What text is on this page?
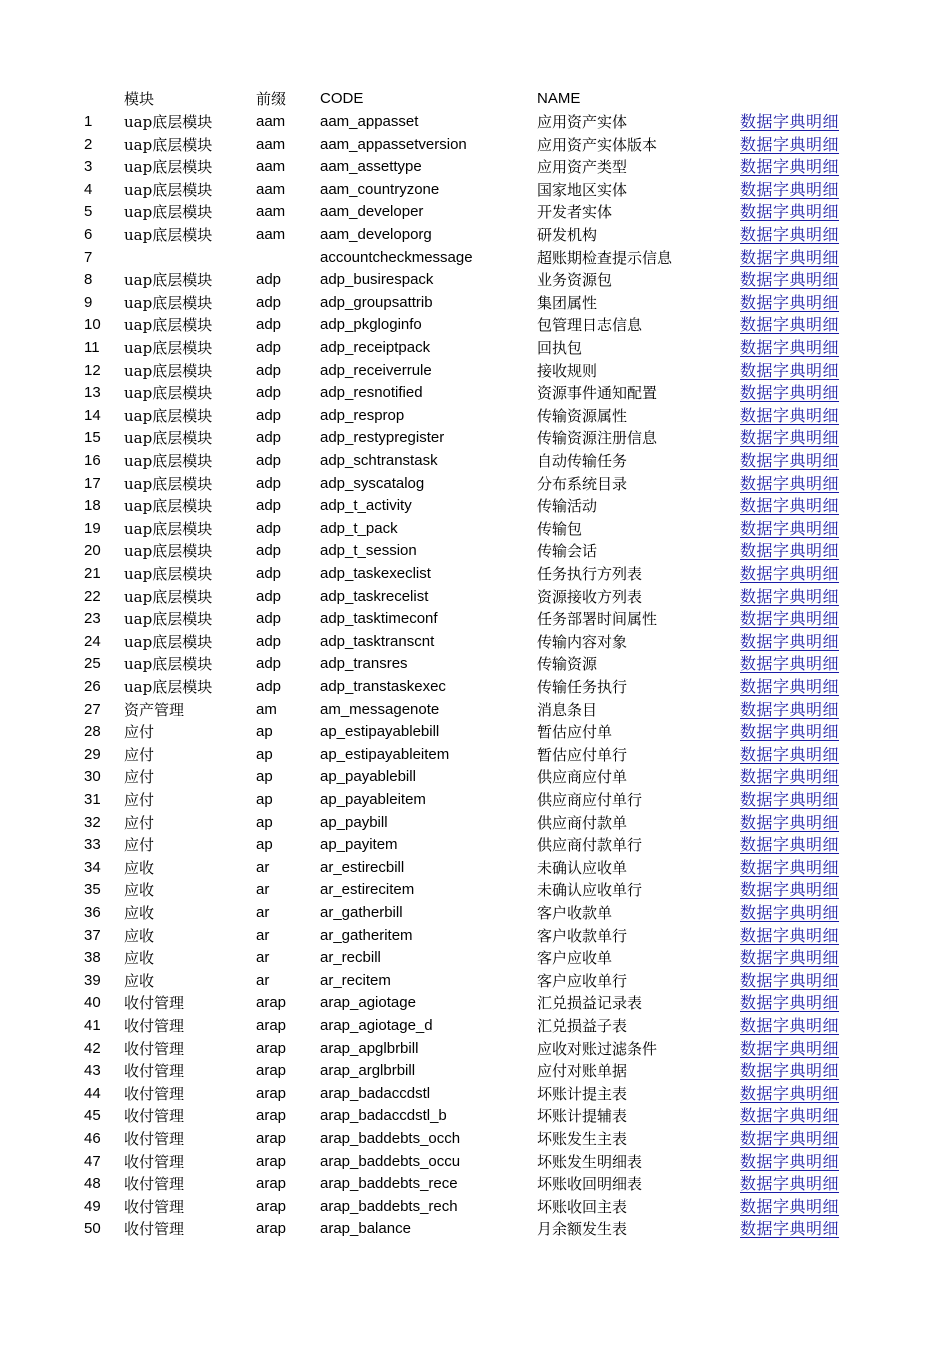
模块	前缀 CODE	NAME
1 uap底层模块	aam aam_appasset	应用资产实体	数据字典明细
2 uap底层模块	aam aam_appassetversion	应用资产实体版本	数据字典明细
3 uap底层模块	aam aam_assettype	应用资产类型	数据字典明细
4 uap底层模块	aam aam_countryzone	国家地区实体	数据字典明细
5 uap底层模块	aam aam_developer	开发者实体	数据字典明细
6 uap底层模块	aam aam_developorg	研发机构	数据字典明细
7	accountcheckmessage	超账期检查提示信息	数据字典明细
8 uap底层模块	adp	adp_busirespack	业务资源包	数据字典明细
9 uap底层模块	adp	adp_groupsattrib	集团属性	数据字典明细
10 uap底层模块	adp	adp_pkgloginfo	包管理日志信息	数据字典明细
11 uap底层模块	adp	adp_receiptpack	回执包	数据字典明细
12 uap底层模块	adp	adp_receiverrule	接收规则	数据字典明细
13 uap底层模块	adp	adp_resnotified	资源事件通知配置	数据字典明细
14 uap底层模块	adp	adp_resprop	传输资源属性	数据字典明细
15 uap底层模块	adp	adp_restypregister	传输资源注册信息	数据字典明细
16 uap底层模块	adp	adp_schtranstask	自动传输任务	数据字典明细
17 uap底层模块	adp	adp_syscatalog	分布系统目录	数据字典明细
18 uap底层模块	adp	adp_t_activity	传输活动	数据字典明细
19 uap底层模块	adp	adp_t_pack	传输包	数据字典明细
20 uap底层模块	adp	adp_t_session	传输会话	数据字典明细
21 uap底层模块	adp	adp_taskexeclist	任务执行方列表	数据字典明细
22 uap底层模块	adp	adp_taskrecelist	资源接收方列表	数据字典明细
23 uap底层模块	adp	adp_tasktimeconf	任务部署时间属性	数据字典明细
24 uap底层模块	adp	adp_tasktranscnt	传输内容对象	数据字典明细
25 uap底层模块	adp	adp_transres	传输资源	数据字典明细
26 uap底层模块	adp	adp_transtaskexec	传输任务执行	数据字典明细
27 资产管理	am	am_messagenote	消息条目	数据字典明细
28 应付	ap	ap_estipayablebill	暂估应付单	数据字典明细
29 应付	ap	ap_estipayableitem	暂估应付单行	数据字典明细
30 应付	ap	ap_payablebill	供应商应付单	数据字典明细
31 应付	ap	ap_payableitem	供应商应付单行	数据字典明细
32 应付	ap	ap_paybill	供应商付款单	数据字典明细
33 应付	ap	ap_payitem	供应商付款单行	数据字典明细
34 应收	ar	ar_estirecbill	未确认应收单	数据字典明细
35 应收	ar	ar_estirecitem	未确认应收单行	数据字典明细
36 应收	ar	ar_gatherbill	客户收款单	数据字典明细
37 应收	ar	ar_gatheritem	客户收款单行	数据字典明细
38 应收	ar	ar_recbill	客户应收单	数据字典明细
39 应收	ar	ar_recitem	客户应收单行	数据字典明细
40 收付管理	arap arap_agiotage	汇兑损益记录表	数据字典明细
41 收付管理	arap arap_agiotage_d	汇兑损益子表	数据字典明细
42 收付管理	arap arap_apglbrbill	应收对账过滤条件	数据字典明细
43 收付管理	arap arap_arglbrbill	应付对账单据	数据字典明细
44 收付管理	arap arap_badaccdstl	坏账计提主表	数据字典明细
45 收付管理	arap arap_badaccdstl_b	坏账计提辅表	数据字典明细
46 收付管理	arap arap_baddebts_occh	坏账发生主表	数据字典明细
47 收付管理	arap arap_baddebts_occu	坏账发生明细表	数据字典明细
48 收付管理	arap arap_baddebts_rece	坏账收回明细表	数据字典明细
49 收付管理	arap arap_baddebts_rech	坏账收回主表	数据字典明细
50 收付管理	arap arap_balance	月余额发生表	数据字典明细
